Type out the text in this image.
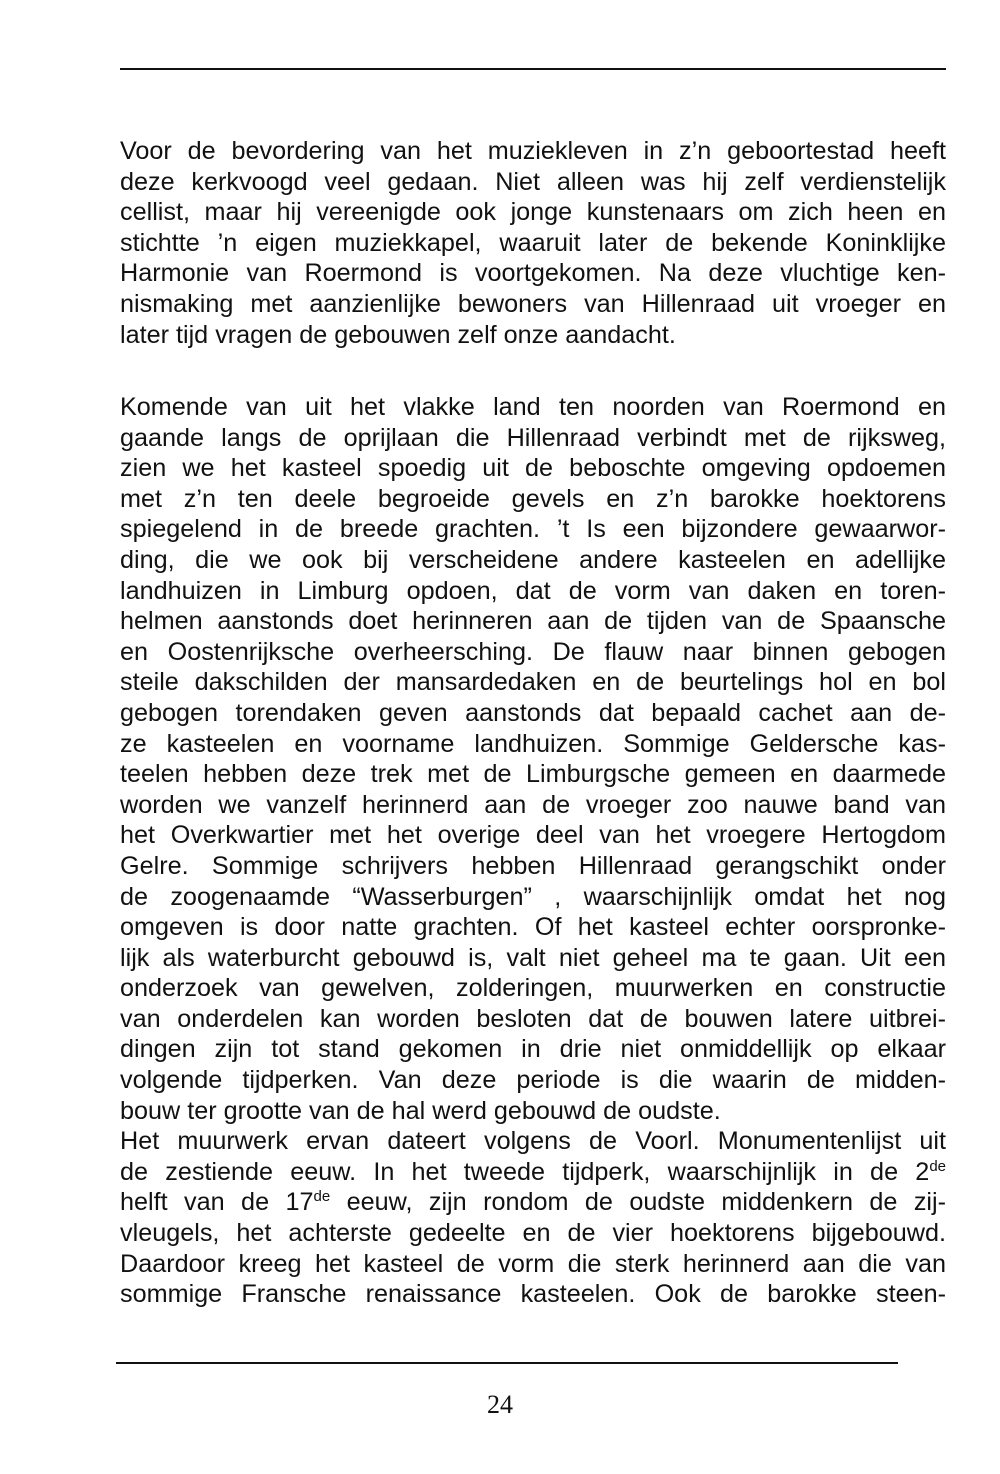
Voor de bevordering van het muziekleven in z’n geboortestad heeft
deze kerkvoogd veel gedaan. Niet alleen was hij zelf verdienstelijk
cellist, maar hij vereenigde ook jonge kunstenaars om zich heen en
stichtte ’n eigen muziekkapel, waaruit later de bekende Koninklijke
Harmonie van Roermond is voortgekomen. Na deze vluchtige ken-
nismaking met aanzienlijke bewoners van Hillenraad uit vroeger en
later tijd vragen de gebouwen zelf onze aandacht.
Komende van uit het vlakke land ten noorden van Roermond en
gaande langs de oprijlaan die Hillenraad verbindt met de rijksweg,
zien we het kasteel spoedig uit de beboschte omgeving opdoemen
met z’n ten deele begroeide gevels en z’n barokke hoektorens
spiegelend in de breede grachten. ’t Is een bijzondere gewaarwor-
ding, die we ook bij verscheidene andere kasteelen en adellijke
landhuizen in Limburg opdoen, dat de vorm van daken en toren-
helmen aanstonds doet herinneren aan de tijden van de Spaansche
en Oostenrijksche overheersching. De flauw naar binnen gebogen
steile dakschilden der mansardedaken en de beurtelings hol en bol
gebogen torendaken geven aanstonds dat bepaald cachet aan de-
ze kasteelen en voorname landhuizen. Sommige Geldersche kas-
teelen hebben deze trek met de Limburgsche gemeen en daarmede
worden we vanzelf herinnerd aan de vroeger zoo nauwe band van
het Overkwartier met het overige deel van het vroegere Hertogdom
Gelre. Sommige schrijvers hebben Hillenraad gerangschikt onder
de zoogenaamde “Wasserburgen” , waarschijnlijk omdat het nog
omgeven is door natte grachten. Of het kasteel echter oorspronke-
lijk als waterburcht gebouwd is, valt niet geheel ma te gaan. Uit een
onderzoek van gewelven, zolderingen, muurwerken en constructie
van onderdelen kan worden besloten dat de bouwen latere uitbrei-
dingen zijn tot stand gekomen in drie niet onmiddellijk op elkaar
volgende tijdperken. Van deze periode is die waarin de midden-
bouw ter grootte van de hal werd gebouwd de oudste.
Het muurwerk ervan dateert volgens de Voorl. Monumentenlijst uit
de zestiende eeuw. In het tweede tijdperk, waarschijnlijk in de 2de
helft van de 17de eeuw, zijn rondom de oudste middenkern de zij-
vleugels, het achterste gedeelte en de vier hoektorens bijgebouwd.
Daardoor kreeg het kasteel de vorm die sterk herinnerd aan die van
sommige Fransche renaissance kasteelen. Ook de barokke steen-
24
